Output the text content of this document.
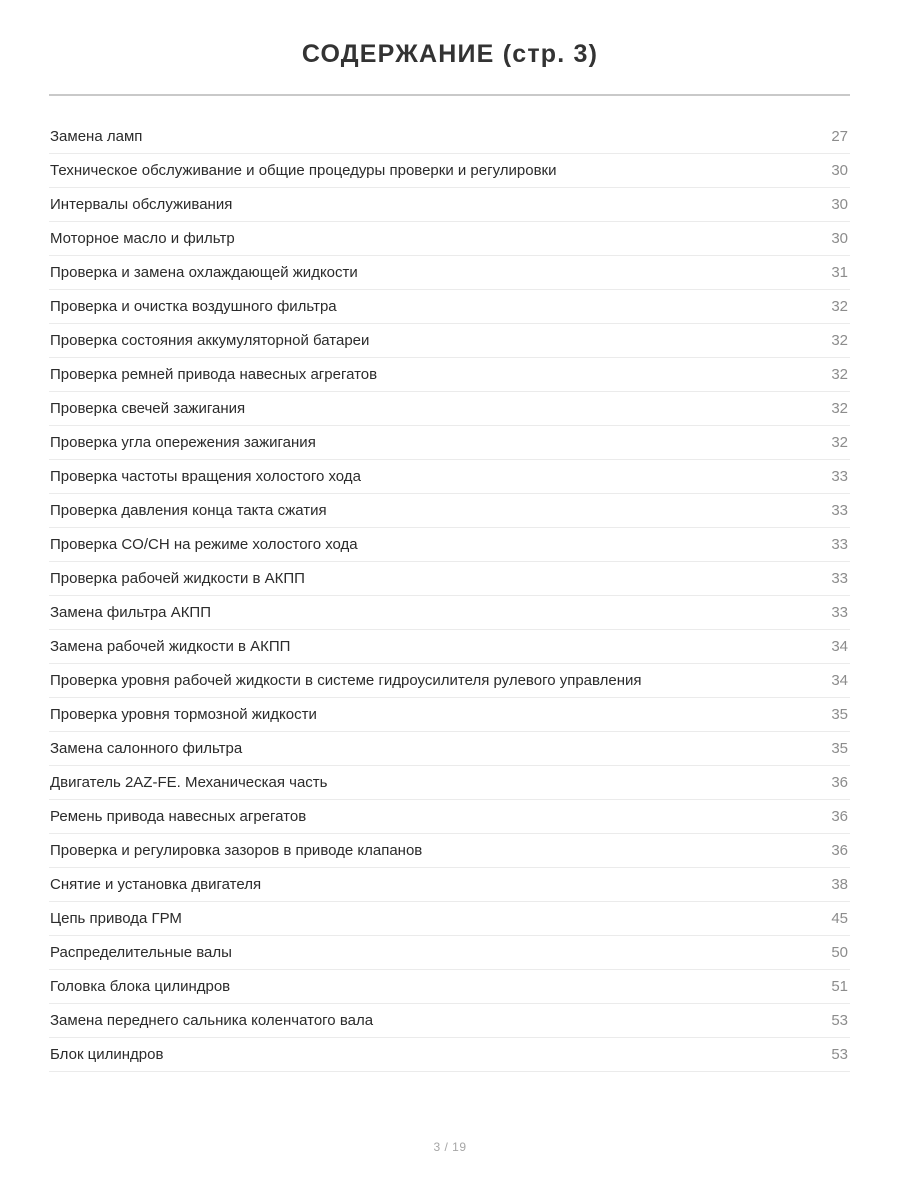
СОДЕРЖАНИЕ (стр. 3)
Замена ламп	27
Техническое обслуживание и общие процедуры проверки и регулировки	30
Интервалы обслуживания	30
Моторное масло и фильтр	30
Проверка и замена охлаждающей жидкости	31
Проверка и очистка воздушного фильтра	32
Проверка состояния аккумуляторной батареи	32
Проверка ремней привода навесных агрегатов	32
Проверка свечей зажигания	32
Проверка угла опережения зажигания	32
Проверка частоты вращения холостого хода	33
Проверка давления конца такта сжатия	33
Проверка CO/CH на режиме холостого хода	33
Проверка рабочей жидкости в АКПП	33
Замена фильтра АКПП	33
Замена рабочей жидкости в АКПП	34
Проверка уровня рабочей жидкости в системе гидроусилителя рулевого управления	34
Проверка уровня тормозной жидкости	35
Замена салонного фильтра	35
Двигатель 2AZ-FE. Механическая часть	36
Ремень привода навесных агрегатов	36
Проверка и регулировка зазоров в приводе клапанов	36
Снятие и установка двигателя	38
Цепь привода ГРМ	45
Распределительные валы	50
Головка блока цилиндров	51
Замена переднего сальника коленчатого вала	53
Блок цилиндров	53
3 / 19
